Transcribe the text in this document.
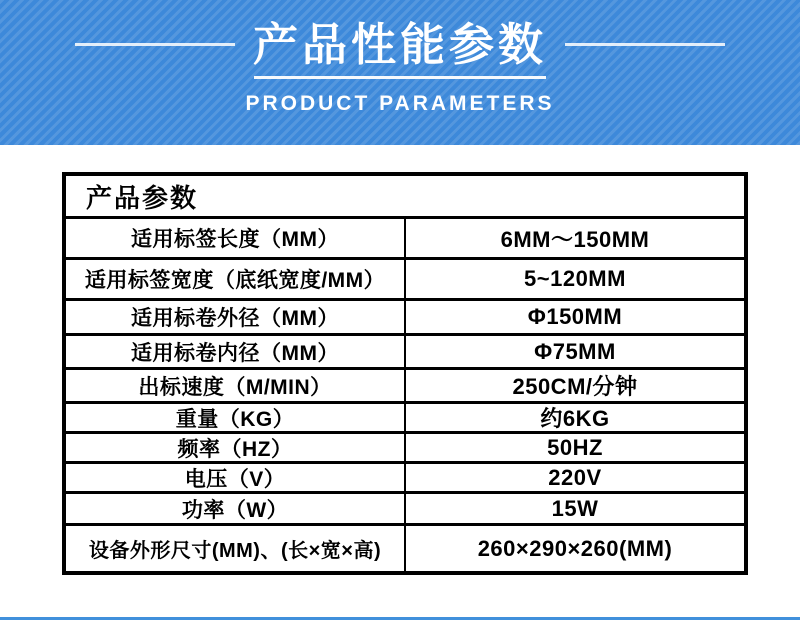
产品性能参数
PRODUCT PARAMETERS
产品参数
适用标签长度（MM）	6MM～150MM
适用标签宽度（底纸宽度/MM）	5~120MM
适用标卷外径（MM）	Φ150MM
适用标卷内径（MM）	Φ75MM
出标速度（M/MIN）	250CM/分钟
重量（KG）	约6KG
频率（HZ）	50HZ
电压（V）	220V
功率（W）	15W
设备外形尺寸(MM)、(长×宽×高)	260×290×260(MM)
